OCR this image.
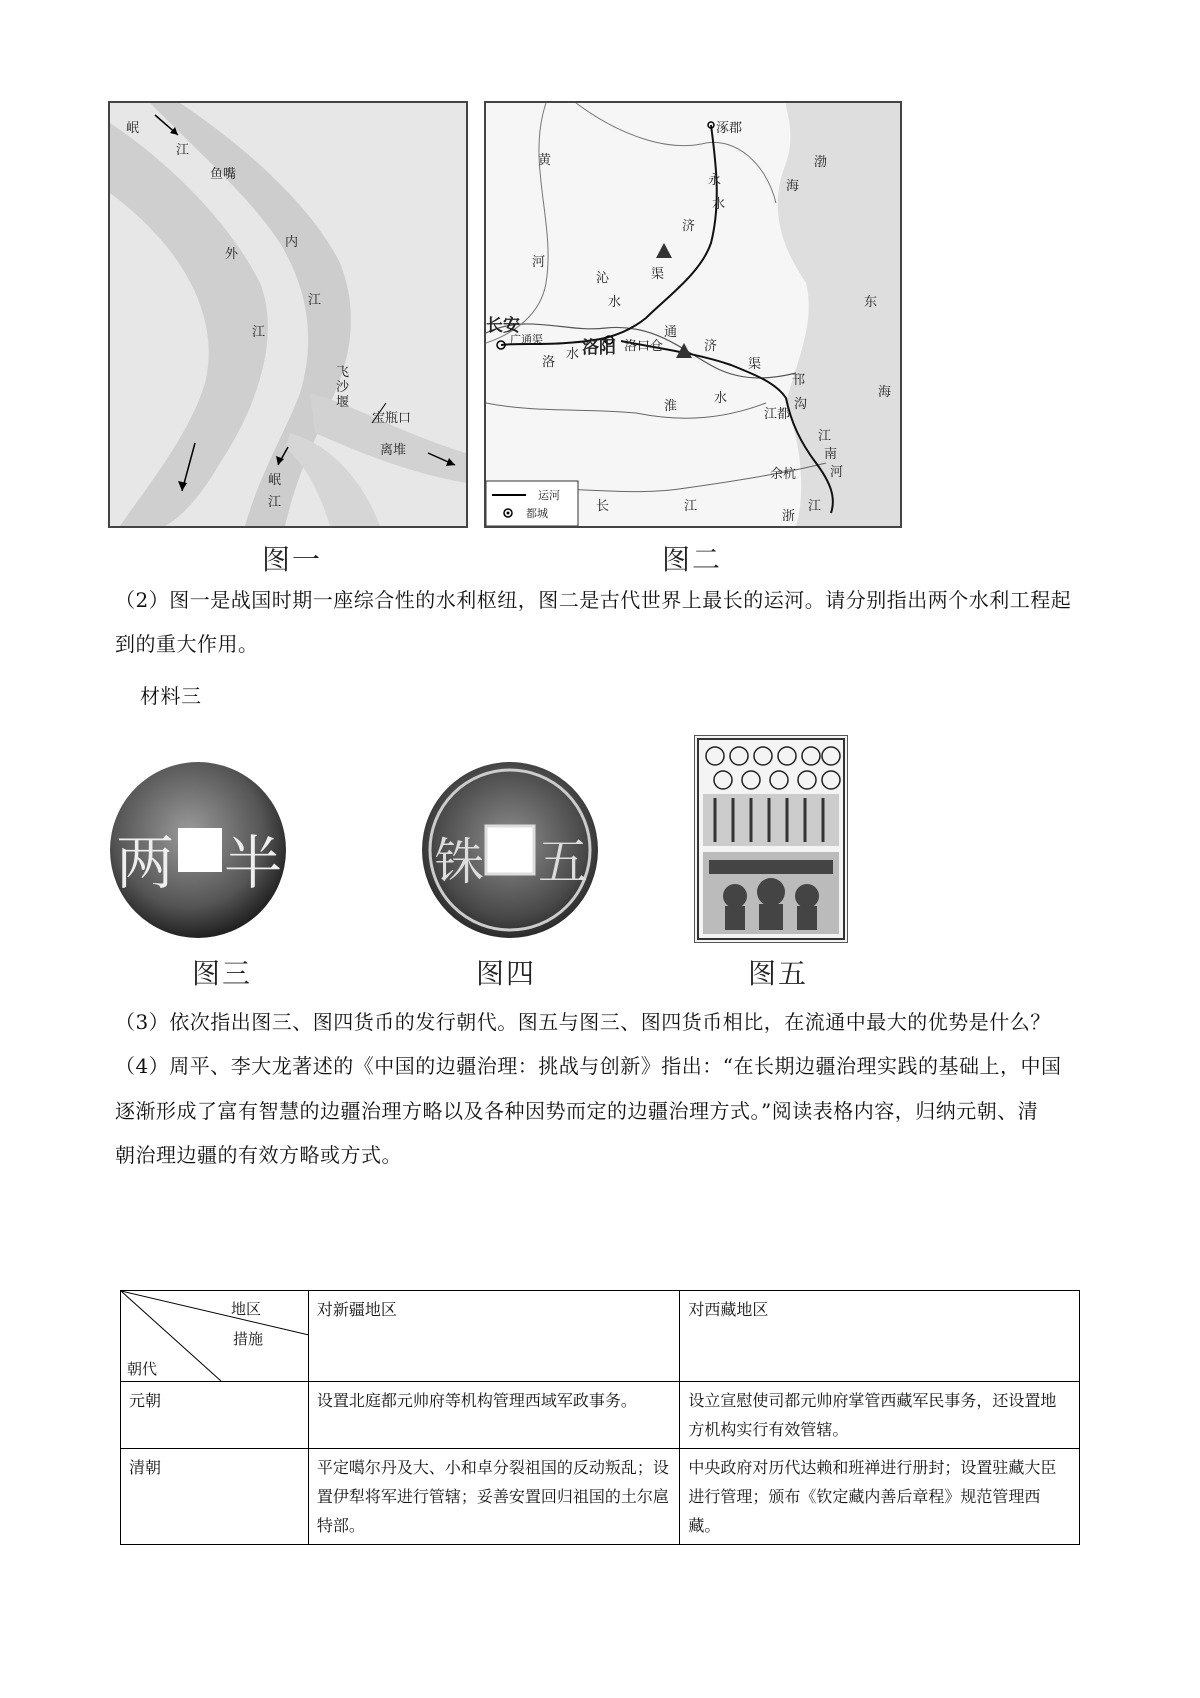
岷
江
鱼嘴
外
内
江
江
飞沙堰
宝瓶口
离堆
岷
江
图一
涿郡
渤
海
黄
河
永
水
济
渠
沁
水	东
海
长安
洛阳 洛口仓
广通渠
洛
水
通
济
渠
邗
沟
淮
水
江都
江
南
河
余杭
长	江
浙
江
运河
都城
图二
（2）图一是战国时期一座综合性的水利枢纽，图二是古代世界上最长的运河。请分别指出两个水利工程起
到的重大作用。
材料三
两 半
图三
铢 五
图四	图五
（3）依次指出图三、图四货币的发行朝代。图五与图三、图四货币相比，在流通中最大的优势是什么？
（4）周平、李大龙著述的《中国的边疆治理：挑战与创新》指出：“在长期边疆治理实践的基础上，中国
逐渐形成了富有智慧的边疆治理方略以及各种因势而定的边疆治理方式。”阅读表格内容，归纳元朝、清
朝治理边疆的有效方略或方式。
地区
措施
朝代	对新疆地区	对西藏地区
元朝	设置北庭都元帅府等机构管理西域军政事务。	设立宣慰使司都元帅府掌管西藏军民事务，还设置地方机构实行有效管辖。
清朝	平定噶尔丹及大、小和卓分裂祖国的反动叛乱；设置伊犁将军进行管辖；妥善安置回归祖国的土尔扈特部。	中央政府对历代达赖和班禅进行册封；设置驻藏大臣进行管理；颁布《钦定藏内善后章程》规范管理西藏。
